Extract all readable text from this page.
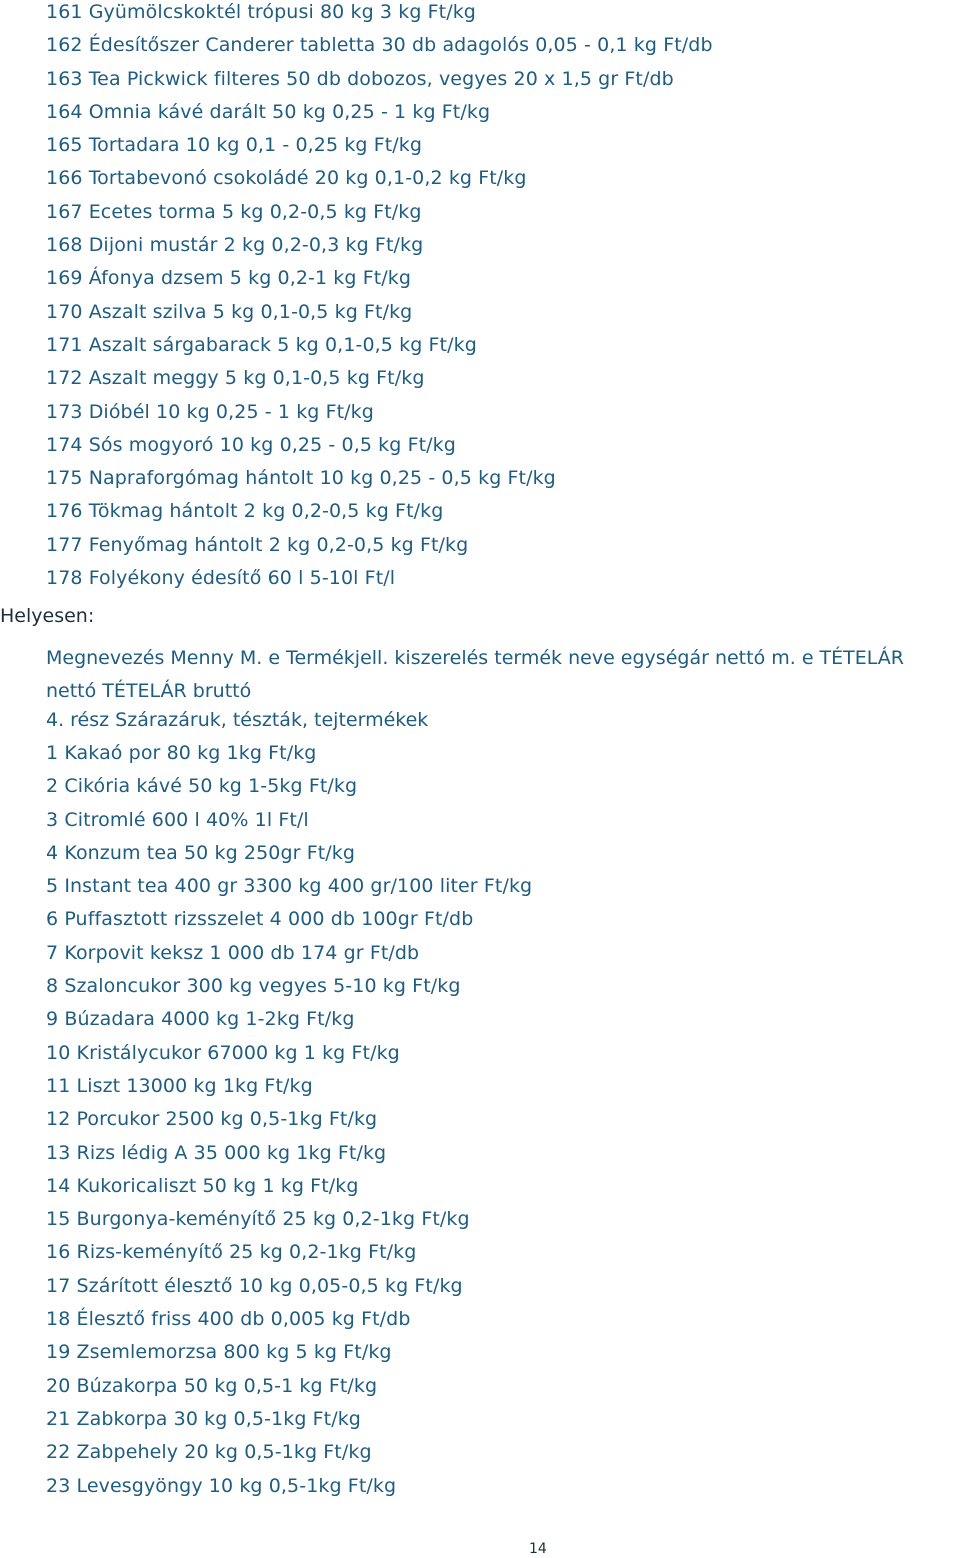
161 Gyümölcskoktél trópusi 80 kg 3 kg Ft/kg
162 Édesítőszer Canderer tabletta 30 db adagolós 0,05 - 0,1 kg Ft/db
163 Tea Pickwick filteres 50 db dobozos, vegyes 20 x 1,5 gr Ft/db
164 Omnia kávé darált 50 kg 0,25 - 1 kg Ft/kg
165 Tortadara 10 kg 0,1 - 0,25 kg Ft/kg
166 Tortabevonó csokoládé 20 kg 0,1-0,2 kg Ft/kg
167 Ecetes torma 5 kg 0,2-0,5 kg Ft/kg
168 Dijoni mustár 2 kg 0,2-0,3 kg Ft/kg
169 Áfonya dzsem 5 kg 0,2-1 kg Ft/kg
170 Aszalt szilva 5 kg 0,1-0,5 kg Ft/kg
171 Aszalt sárgabarack 5 kg 0,1-0,5 kg Ft/kg
172 Aszalt meggy 5 kg 0,1-0,5 kg Ft/kg
173 Dióbél 10 kg 0,25 - 1 kg Ft/kg
174 Sós mogyoró 10 kg 0,25 - 0,5 kg Ft/kg
175 Napraforgómag hántolt 10 kg 0,25 - 0,5 kg Ft/kg
176 Tökmag hántolt 2 kg 0,2-0,5 kg Ft/kg
177 Fenyőmag hántolt 2 kg 0,2-0,5 kg Ft/kg
178 Folyékony édesítő 60 l 5-10l Ft/l
Helyesen:
Megnevezés Menny M. e Termékjell. kiszerelés termék neve egységár nettó m. e TÉTELÁR nettó TÉTELÁR bruttó
4. rész Szárazáruk, tészták, tejtermékek
1 Kakaó por 80 kg 1kg Ft/kg
2 Cikória kávé 50 kg 1-5kg Ft/kg
3 Citromlé 600 l 40% 1l Ft/l
4 Konzum tea 50 kg 250gr Ft/kg
5 Instant tea 400 gr 3300 kg 400 gr/100 liter Ft/kg
6 Puffasztott rizsszelet 4 000 db 100gr Ft/db
7 Korpovit keksz 1 000 db 174 gr Ft/db
8 Szaloncukor 300 kg vegyes 5-10 kg Ft/kg
9 Búzadara 4000 kg 1-2kg Ft/kg
10 Kristálycukor 67000 kg 1 kg Ft/kg
11 Liszt 13000 kg 1kg Ft/kg
12 Porcukor 2500 kg 0,5-1kg Ft/kg
13 Rizs lédig A 35 000 kg 1kg Ft/kg
14 Kukoricaliszt 50 kg 1 kg Ft/kg
15 Burgonya-keményítő 25 kg 0,2-1kg Ft/kg
16 Rizs-keményítő 25 kg 0,2-1kg Ft/kg
17 Szárított élesztő 10 kg 0,05-0,5 kg Ft/kg
18 Élesztő friss 400 db 0,005 kg Ft/db
19 Zsemlemorzsa 800 kg 5 kg Ft/kg
20 Búzakorpa 50 kg 0,5-1 kg Ft/kg
21 Zabkorpa 30 kg 0,5-1kg Ft/kg
22 Zabpehely 20 kg 0,5-1kg Ft/kg
23 Levesgyöngy 10 kg 0,5-1kg Ft/kg
14
